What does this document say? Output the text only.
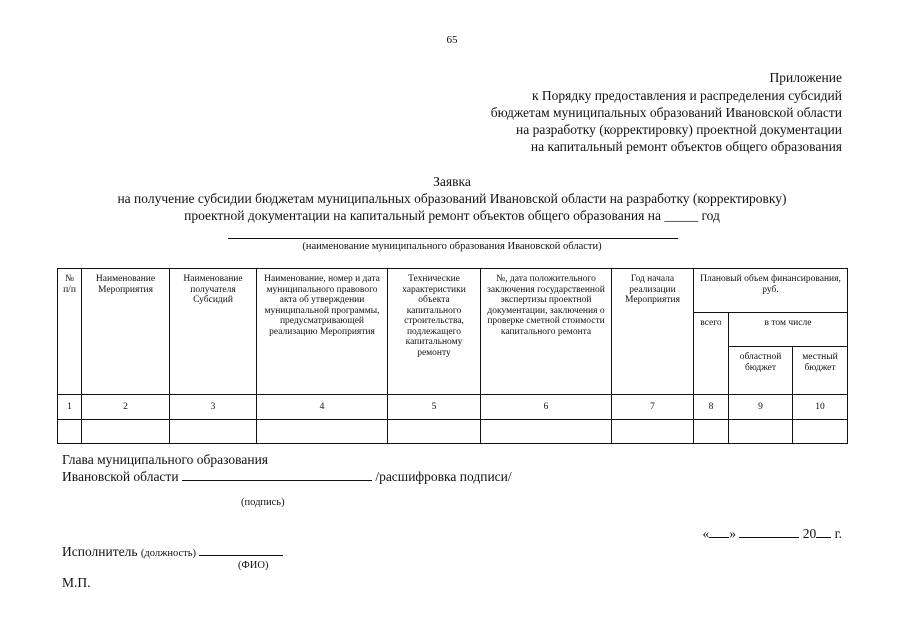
65
Приложение
к Порядку предоставления и распределения субсидий
бюджетам муниципальных образований Ивановской области
на разработку (корректировку) проектной документации
на капитальный ремонт объектов общего образования
Заявка
на получение субсидии бюджетам муниципальных образований Ивановской области на разработку (корректировку)
проектной документации на капитальный ремонт объектов общего образования на _____ год
(наименование муниципального образования Ивановской области)
№ п/п	Наименование Мероприятия	Наименование получателя Субсидий	Наименование, номер и дата муниципального правового акта об утверждении муниципальной программы, предусматривающей реализацию Мероприятия	Технические характеристики объекта капитального строительства, подлежащего капитальному ремонту	№, дата положительного заключения государственной экспертизы проектной документации, заключения о проверке сметной стоимости капитального ремонта	Год начала реализации Мероприятия	Плановый объем финансирования, руб.		
							всего	в том числе	
								областной бюджет	местный бюджет
1	2	3	4	5	6	7	8	9	10

Глава муниципального образования
Ивановской области	/расшифровка подписи/
(подпись)
« »	20 г.
Исполнитель (должность)
(ФИО)
М.П.
